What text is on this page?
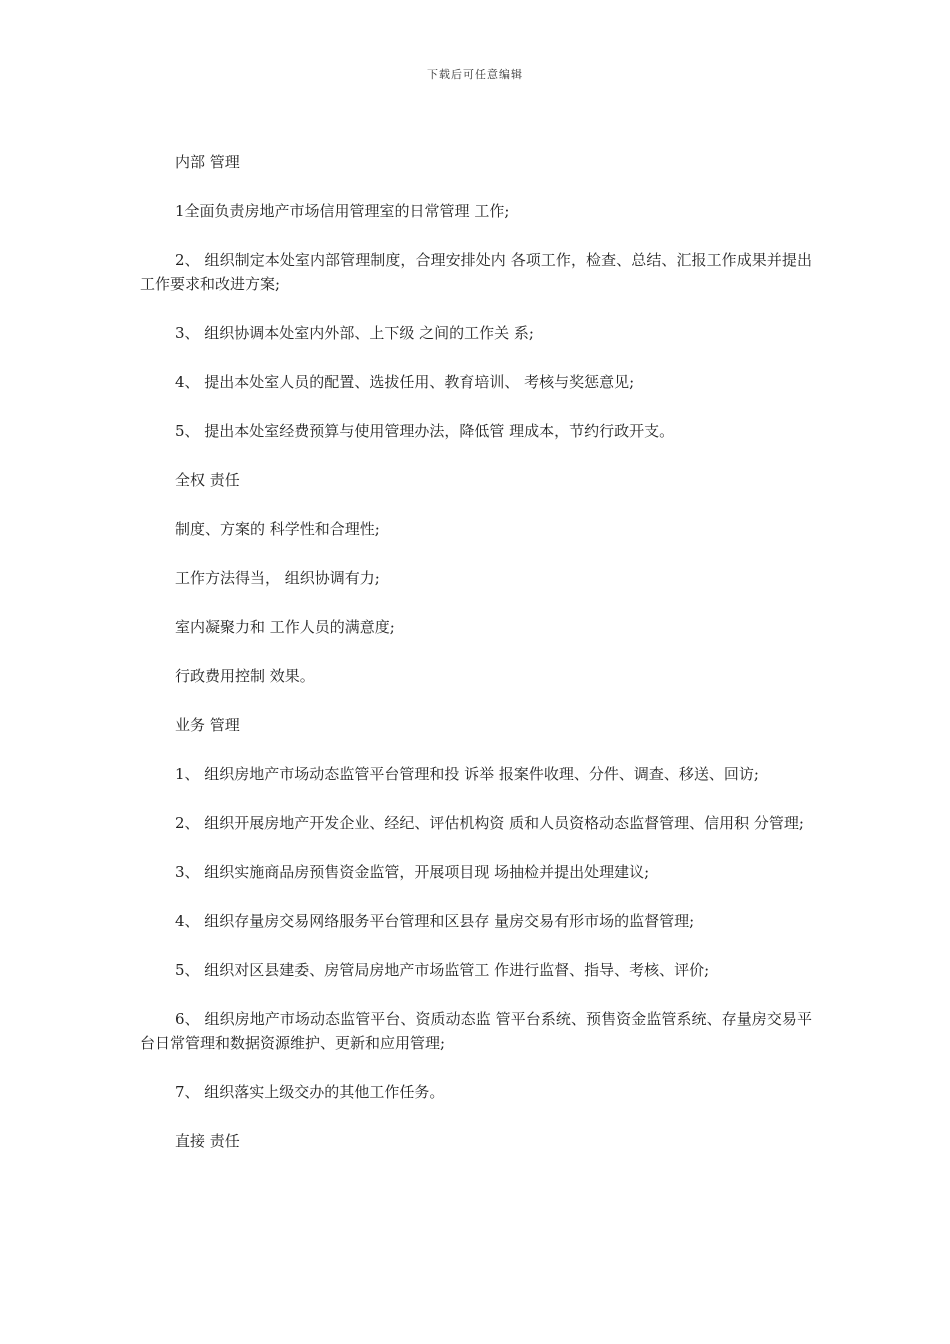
下载后可任意编辑

内部 管理

1全面负责房地产市场信用管理室的日常管理 工作;

2、 组织制定本处室内部管理制度，合理安排处内 各项工作，检查、总结、汇报工作成果并提出 工作要求和改进方案;

3、 组织协调本处室内外部、上下级 之间的工作关 系;

4、 提出本处室人员的配置、选拔任用、教育培训、 考核与奖惩意见;

5、 提出本处室经费预算与使用管理办法，降低管 理成本，节约行政开支。

全权 责任

制度、方案的 科学性和合理性;

工作方法得当， 组织协调有力;

室内凝聚力和 工作人员的满意度;

行政费用控制 效果。

业务 管理

1、 组织房地产市场动态监管平台管理和投 诉举 报案件收理、分件、调查、移送、回访;

2、 组织开展房地产开发企业、经纪、评估机构资 质和人员资格动态监督管理、信用积 分管理;

3、 组织实施商品房预售资金监管，开展项目现 场抽检并提出处理建议;

4、 组织存量房交易网络服务平台管理和区县存 量房交易有形市场的监督管理;

5、 组织对区县建委、房管局房地产市场监管工 作进行监督、指导、考核、评价;

6、 组织房地产市场动态监管平台、资质动态监 管平台系统、预售资金监管系统、存量房交易平 台日常管理和数据资源维护、更新和应用管理;

7、 组织落实上级交办的其他工作任务。

直接 责任
